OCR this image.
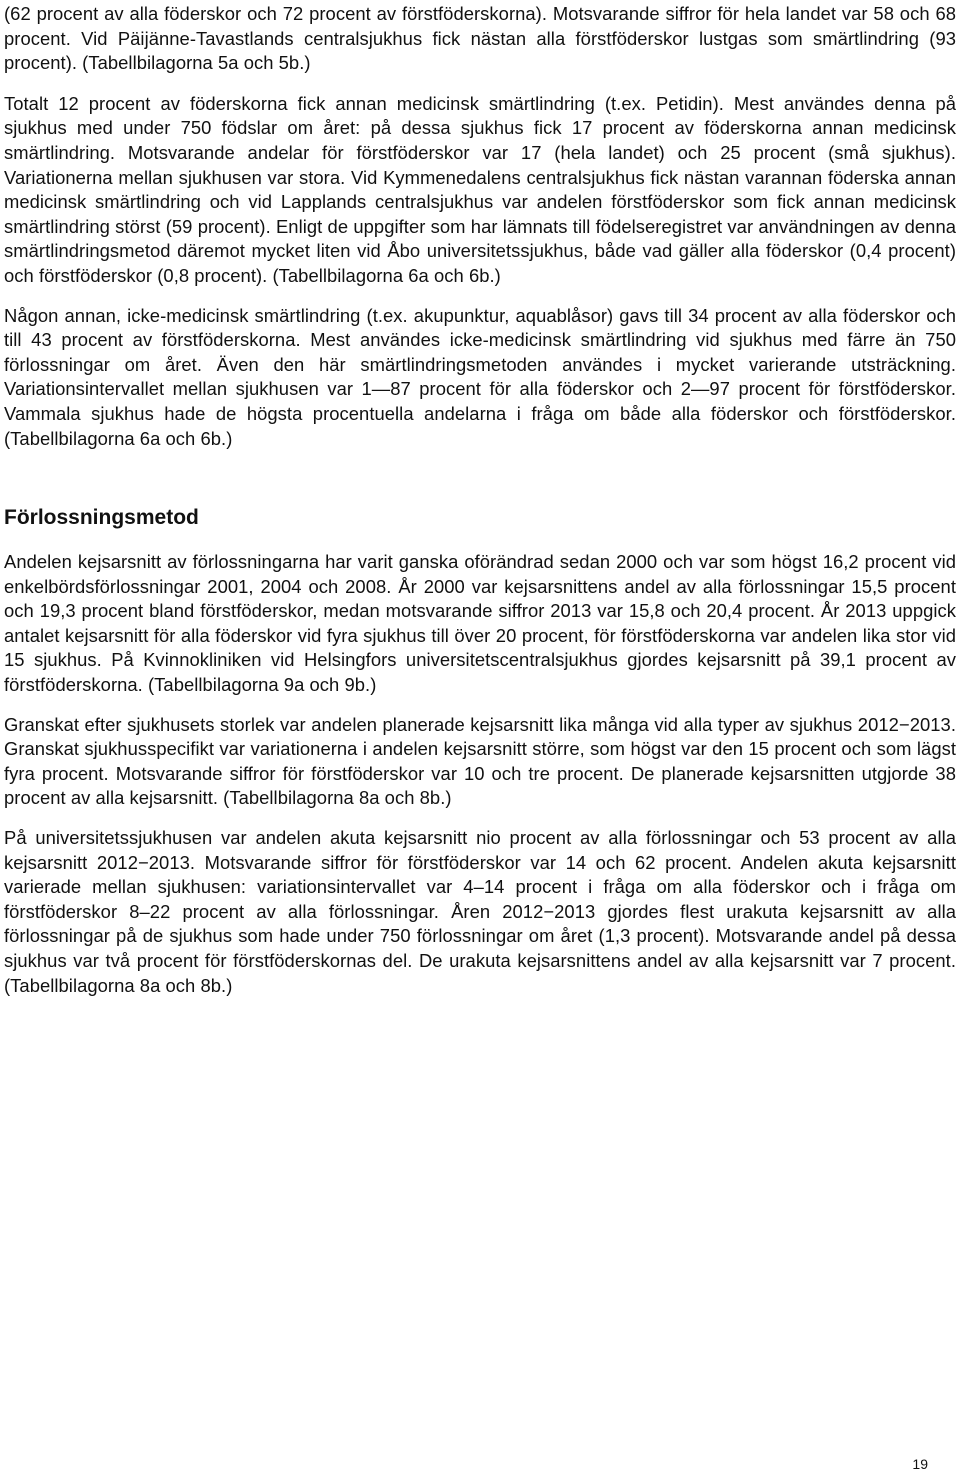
(62 procent av alla föderskor och 72 procent av förstföderskorna). Motsvarande siffror för hela landet var 58 och 68 procent. Vid Päijänne-Tavastlands centralsjukhus fick nästan alla förstföderskor lustgas som smärtlindring (93 procent). (Tabellbilagorna 5a och 5b.)

Totalt 12 procent av föderskorna fick annan medicinsk smärtlindring (t.ex. Petidin). Mest användes denna på sjukhus med under 750 födslar om året: på dessa sjukhus fick 17 procent av föderskorna annan medicinsk smärtlindring. Motsvarande andelar för förstföderskor var 17 (hela landet) och 25 procent (små sjukhus). Variationerna mellan sjukhusen var stora. Vid Kymmenedalens centralsjukhus fick nästan varannan föderska annan medicinsk smärtlindring och vid Lapplands centralsjukhus var andelen förstföderskor som fick annan medicinsk smärtlindring störst (59 procent). Enligt de uppgifter som har lämnats till födelseregistret var användningen av denna smärtlindringsmetod däremot mycket liten vid Åbo universitetssjukhus, både vad gäller alla föderskor (0,4 procent) och förstföderskor (0,8 procent). (Tabellbilagorna 6a och 6b.)

Någon annan, icke-medicinsk smärtlindring (t.ex. akupunktur, aquablåsor) gavs till 34 procent av alla föderskor och till 43 procent av förstföderskorna. Mest användes icke-medicinsk smärtlindring vid sjukhus med färre än 750 förlossningar om året. Även den här smärtlindringsmetoden användes i mycket varierande utsträckning. Variationsintervallet mellan sjukhusen var 1—87 procent för alla föderskor och 2—97 procent för förstföderskor. Vammala sjukhus hade de högsta procentuella andelarna i fråga om både alla föderskor och förstföderskor. (Tabellbilagorna 6a och 6b.)

Förlossningsmetod

Andelen kejsarsnitt av förlossningarna har varit ganska oförändrad sedan 2000 och var som högst 16,2 procent vid enkelbördsförlossningar 2001, 2004 och 2008. År 2000 var kejsarsnittens andel av alla förlossningar 15,5 procent och 19,3 procent bland förstföderskor, medan motsvarande siffror 2013 var 15,8 och 20,4 procent. År 2013 uppgick antalet kejsarsnitt för alla föderskor vid fyra sjukhus till över 20 procent, för förstföderskorna var andelen lika stor vid 15 sjukhus. På Kvinnokliniken vid Helsingfors universitetscentralsjukhus gjordes kejsarsnitt på 39,1 procent av förstföderskorna. (Tabellbilagorna 9a och 9b.)

Granskat efter sjukhusets storlek var andelen planerade kejsarsnitt lika många vid alla typer av sjukhus 2012−2013. Granskat sjukhusspecifikt var variationerna i andelen kejsarsnitt större, som högst var den 15 procent och som lägst fyra procent. Motsvarande siffror för förstföderskor var 10 och tre procent. De planerade kejsarsnitten utgjorde 38 procent av alla kejsarsnitt. (Tabellbilagorna 8a och 8b.)

På universitetssjukhusen var andelen akuta kejsarsnitt nio procent av alla förlossningar och 53 procent av alla kejsarsnitt 2012−2013. Motsvarande siffror för förstföderskor var 14 och 62 procent. Andelen akuta kejsarsnitt varierade mellan sjukhusen: variationsintervallet var 4–14 procent i fråga om alla föderskor och i fråga om förstföderskor 8–22 procent av alla förlossningar. Åren 2012−2013 gjordes flest urakuta kejsarsnitt av alla förlossningar på de sjukhus som hade under 750 förlossningar om året (1,3 procent). Motsvarande andel på dessa sjukhus var två procent för förstföderskornas del. De urakuta kejsarsnittens andel av alla kejsarsnitt var 7 procent. (Tabellbilagorna 8a och 8b.)

19
